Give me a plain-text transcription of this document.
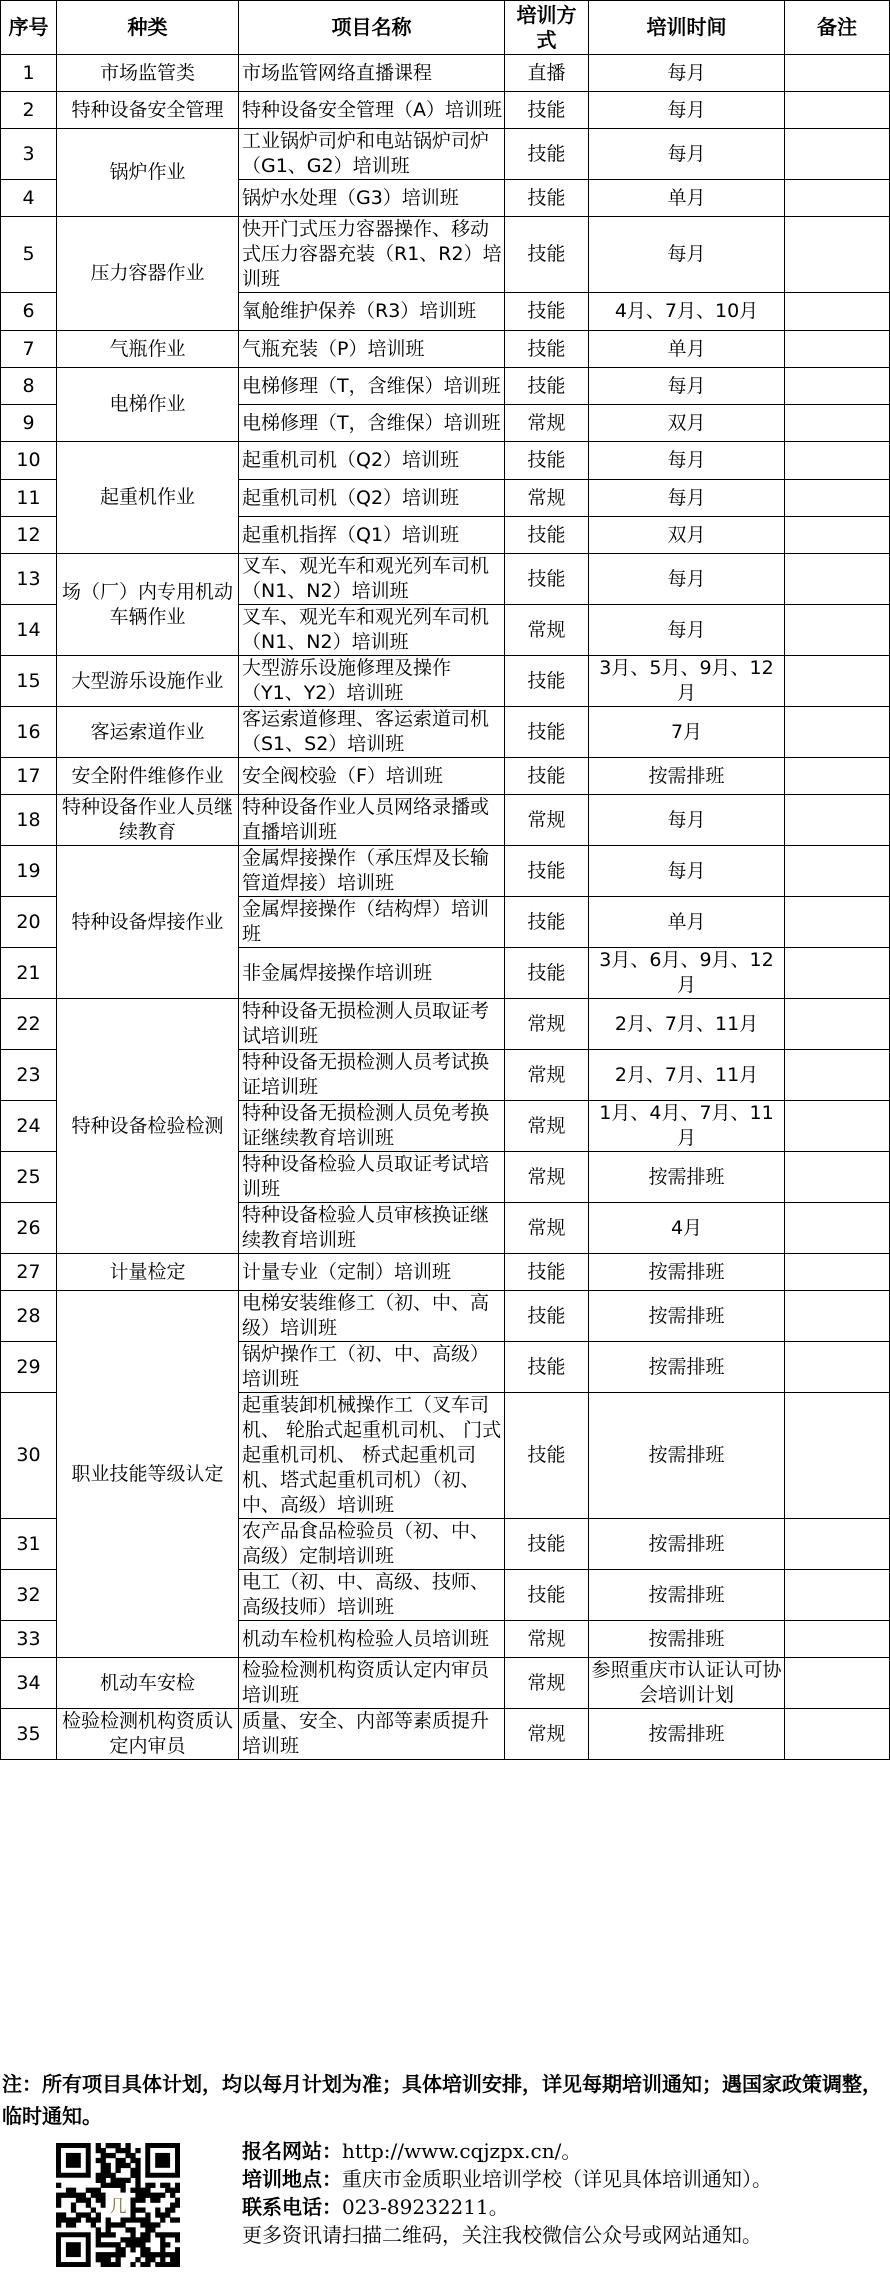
序号	种类	项目名称	培训方式	培训时间	备注
1	市场监管类	市场监管网络直播课程	直播	每月	
2	特种设备安全管理	特种设备安全管理（A）培训班	技能	每月	
3	锅炉作业	工业锅炉司炉和电站锅炉司炉（G1、G2）培训班	技能	每月	
4		锅炉水处理（G3）培训班	技能	单月	
5	压力容器作业	快开门式压力容器操作、移动式压力容器充装（R1、R2）培训班	技能	每月	
6		氧舱维护保养（R3）培训班	技能	4月、7月、10月	
7	气瓶作业	气瓶充装（P）培训班	技能	单月	
8	电梯作业	电梯修理（T，含维保）培训班	技能	每月	
9		电梯修理（T，含维保）培训班	常规	双月	
10	起重机作业	起重机司机（Q2）培训班	技能	每月	
11		起重机司机（Q2）培训班	常规	每月	
12		起重机指挥（Q1）培训班	技能	双月	
13	场（厂）内专用机动车辆作业	叉车、观光车和观光列车司机（N1、N2）培训班	技能	每月	
14		叉车、观光车和观光列车司机（N1、N2）培训班	常规	每月	
15	大型游乐设施作业	大型游乐设施修理及操作（Y1、Y2）培训班	技能	3月、5月、9月、12月	
16	客运索道作业	客运索道修理、客运索道司机（S1、S2）培训班	技能	7月	
17	安全附件维修作业	安全阀校验（F）培训班	技能	按需排班	
18	特种设备作业人员继续教育	特种设备作业人员网络录播或直播培训班	常规	每月	
19	特种设备焊接作业	金属焊接操作（承压焊及长输管道焊接）培训班	技能	每月	
20		金属焊接操作（结构焊）培训班	技能	单月	
21		非金属焊接操作培训班	技能	3月、6月、9月、12月	
22	特种设备检验检测	特种设备无损检测人员取证考试培训班	常规	2月、7月、11月	
23		特种设备无损检测人员考试换证培训班	常规	2月、7月、11月	
24		特种设备无损检测人员免考换证继续教育培训班	常规	1月、4月、7月、11月	
25		特种设备检验人员取证考试培训班	常规	按需排班	
26		特种设备检验人员审核换证继续教育培训班	常规	4月	
27	计量检定	计量专业（定制）培训班	技能	按需排班	
28	职业技能等级认定	电梯安装维修工（初、中、高级）培训班	技能	按需排班	
29		锅炉操作工（初、中、高级）培训班	技能	按需排班	
30		起重装卸机械操作工（叉车司机、 轮胎式起重机司机、 门式起重机司机、 桥式起重机司机、塔式起重机司机）（初、中、高级）培训班	技能	按需排班	
31		农产品食品检验员（初、中、高级）定制培训班	技能	按需排班	
32		电工（初、中、高级、技师、高级技师）培训班	技能	按需排班	
33		机动车检机构检验人员培训班	常规	按需排班	
34	机动车安检	检验检测机构资质认定内审员培训班	常规	参照重庆市认证认可协会培训计划	
35	检验检测机构资质认定内审员	质量、安全、内部等素质提升培训班	常规	按需排班	
注：所有项目具体计划，均以每月计划为准；具体培训安排，详见每期培训通知；遇国家政策调整，临时通知。
几
报名网站：http://www.cqjzpx.cn/。
培训地点：重庆市金质职业培训学校（详见具体培训通知）。
联系电话：023-89232211。
更多资讯请扫描二维码，关注我校微信公众号或网站通知。
